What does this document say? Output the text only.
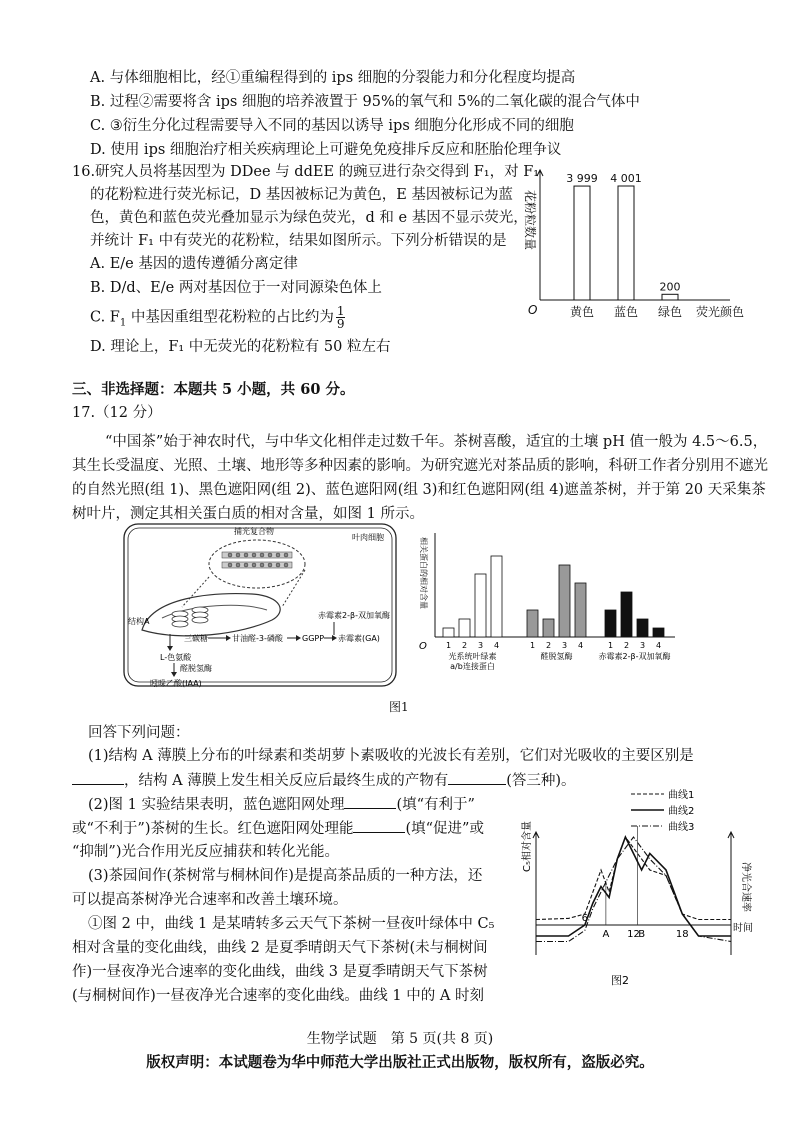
A. 与体细胞相比，经①重编程得到的 ips 细胞的分裂能力和分化程度均提高
B. 过程②需要将含 ips 细胞的培养液置于 95%的氧气和 5%的二氧化碳的混合气体中
C. ③衍生分化过程需要导入不同的基因以诱导 ips 细胞分化形成不同的细胞
D. 使用 ips 细胞治疗相关疾病理论上可避免免疫排斥反应和胚胎伦理争议
16.研究人员将基因型为 DDee 与 ddEE 的豌豆进行杂交得到 F₁，对 F₁
的花粉粒进行荧光标记，D 基因被标记为黄色，E 基因被标记为蓝
色，黄色和蓝色荧光叠加显示为绿色荧光，d 和 e 基因不显示荧光，
并统计 F₁ 中有荧光的花粉粒，结果如图所示。下列分析错误的是
A. E/e 基因的遗传遵循分离定律
B. D/d、E/e 两对基因位于一对同源染色体上
C. $F_1$ 中基因重组型花粉粒的占比约为 $\frac{1}{9}$
D. 理论上，F₁ 中无荧光的花粉粒有 50 粒左右
3 999
黄色
4 001
蓝色
200
绿色 荧光颜色
O
花粉粒数量
三、非选择题：本题共 5 小题，共 60 分。
17.（12 分）
“中国茶”始于神农时代，与中华文化相伴走过数千年。茶树喜酸，适宜的土壤 pH 值一般为 4.5～6.5，
其生长受温度、光照、土壤、地形等多种因素的影响。为研究遮光对茶品质的影响，科研工作者分别用不遮光
的自然光照(组 1)、黑色遮阳网(组 2)、蓝色遮阳网(组 3)和红色遮阳网(组 4)遮盖茶树，并于第 20 天采集茶
树叶片，测定其相关蛋白质的相对含量，如图 1 所示。
叶肉细胞
捕光复合物
结构A
三碳糖	甘油醛-3-磷酸 GGPP 赤霉素(GA)
赤霉素2-β-双加氧酶
L-色氨酸
醛脱氢酶
吲哚乙酸(IAA)
O
相关蛋白的相对含量
1 2 3 4
光系统叶绿素
a/b连接蛋白
1 2 3 4
醛脱氢酶
1 2 3 4
赤霉素2-β-双加氧酶
图1
回答下列问题：
(1)结构 A 薄膜上分布的叶绿素和类胡萝卜素吸收的光波长有差别，它们对光吸收的主要区别是
，结构 A 薄膜上发生相关反应后最终生成的产物有	(答三种)。
(2)图 1 实验结果表明，蓝色遮阳网处理	(填“有利于”
或“不利于”)茶树的生长。红色遮阳网处理能	(填“促进”或
“抑制”)光合作用光反应捕获和转化光能。
(3)茶园间作(茶树常与桐林间作)是提高茶品质的一种方法，还
可以提高茶树净光合速率和改善土壤环境。
①图 2 中，曲线 1 是某晴转多云天气下茶树一昼夜叶绿体中 C₅
相对含量的变化曲线，曲线 2 是夏季晴朗天气下茶树(未与桐树间
作)一昼夜净光合速率的变化曲线，曲线 3 是夏季晴朗天气下茶树
(与桐树间作)一昼夜净光合速率的变化曲线。曲线 1 中的 A 时刻
C₅相对含量
净光合速率
时间
6
A 12
B	18
曲线1
曲线2
曲线3
图2
生物学试题　第 5 页(共 8 页)
版权声明：本试题卷为华中师范大学出版社正式出版物，版权所有，盗版必究。
